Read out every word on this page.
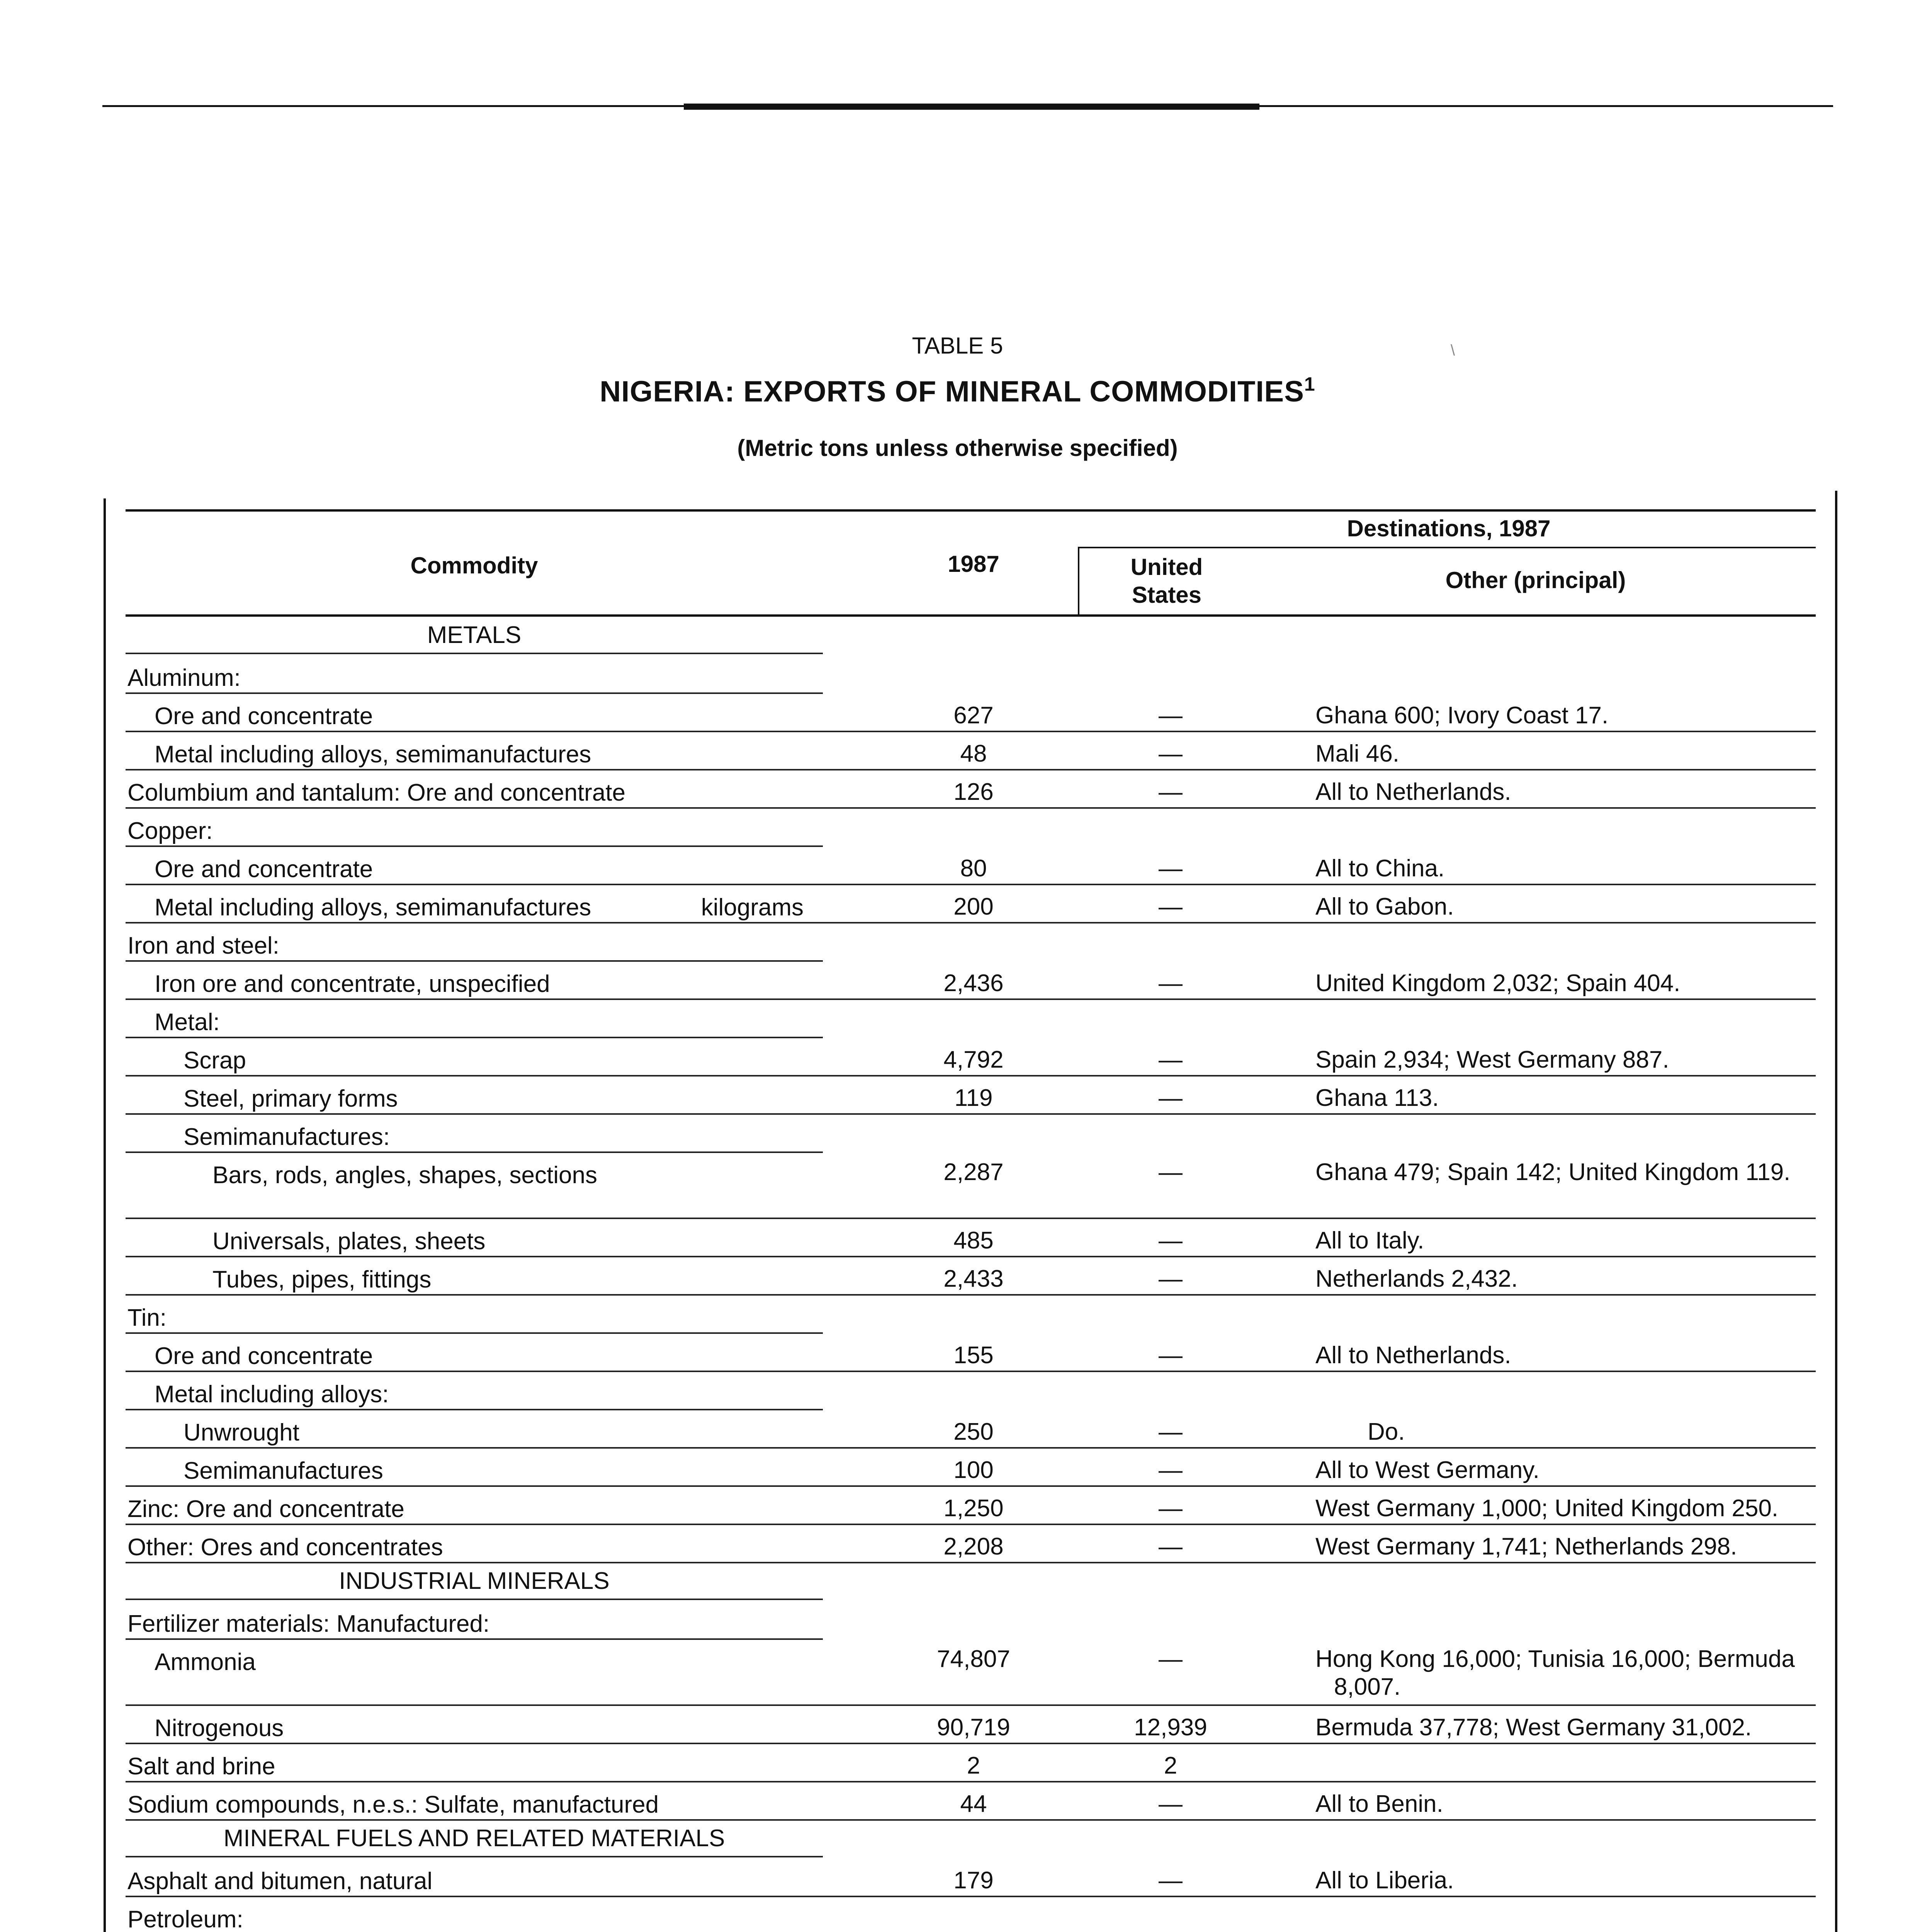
\
TABLE 5
NIGERIA: EXPORTS OF MINERAL COMMODITIES$^1$
(Metric tons unless otherwise specified)
Commodity	1987
Destinations, 1987
United States
Other (principal)
METALS
Aluminum:
Ore and concentrate	627	—	Ghana 600; Ivory Coast 17.
Metal including alloys, semimanufactures	48	—	Mali 46.
Columbium and tantalum: Ore and concentrate	126	—	All to Netherlands.
Copper:
Ore and concentrate	80	—	All to China.
Metal including alloys, semimanufactures	kilograms	200	—	All to Gabon.
Iron and steel:
Iron ore and concentrate, unspecified	2,436	—	United Kingdom 2,032; Spain 404.
Metal:
Scrap	4,792	—	Spain 2,934; West Germany 887.
Steel, primary forms	119	—	Ghana 113.
Semimanufactures:
Bars, rods, angles, shapes, sections	2,287	—	Ghana 479; Spain 142; United Kingdom 119.
Universals, plates, sheets	485	—	All to Italy.
Tubes, pipes, fittings	2,433	—	Netherlands 2,432.
Tin:
Ore and concentrate	155	—	All to Netherlands.
Metal including alloys:
Unwrought	250	—	Do.
Semimanufactures	100	—	All to West Germany.
Zinc: Ore and concentrate	1,250	—	West Germany 1,000; United Kingdom 250.
Other: Ores and concentrates	2,208	—	West Germany 1,741; Netherlands 298.
INDUSTRIAL MINERALS
Fertilizer materials: Manufactured:
Ammonia	74,807	—	Hong Kong 16,000; Tunisia 16,000; Bermuda 8,007.
Nitrogenous	90,719	12,939	Bermuda 37,778; West Germany 31,002.
Salt and brine	2	2
Sodium compounds, n.e.s.: Sulfate, manufactured	44	—	All to Benin.
MINERAL FUELS AND RELATED MATERIALS
Asphalt and bitumen, natural	179	—	All to Liberia.
Petroleum:
